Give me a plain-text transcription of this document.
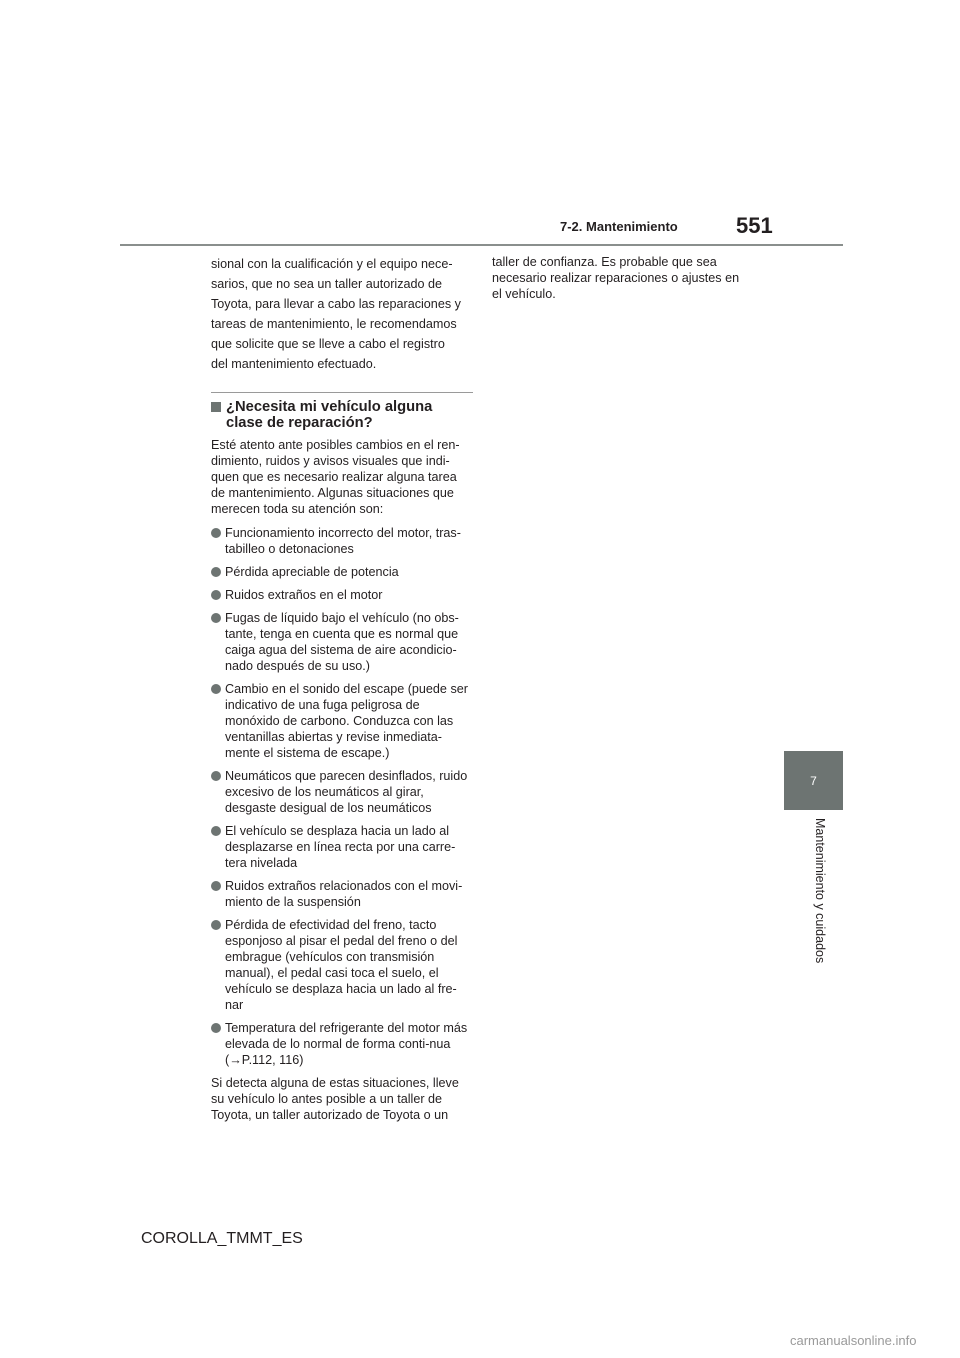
7-2. Mantenimiento	551
7
Mantenimiento y cuidados

sional con la cualificación y el equipo nece-

sarios, que no sea un taller autorizado de

Toyota, para llevar a cabo las reparaciones y

tareas de mantenimiento, le recomendamos

que solicite que se lleve a cabo el registro

del mantenimiento efectuado.

¿Necesita mi vehículo alguna clase de reparación?

Esté atento ante posibles cambios en el ren-dimiento, ruidos y avisos visuales que indi-quen que es necesario realizar alguna tarea de mantenimiento. Algunas situaciones que merecen toda su atención son:

Funcionamiento incorrecto del motor, tras-tabilleo o detonaciones
Pérdida apreciable de potencia
Ruidos extraños en el motor
Fugas de líquido bajo el vehículo (no obs-tante, tenga en cuenta que es normal que caiga agua del sistema de aire acondicio-nado después de su uso.)
Cambio en el sonido del escape (puede ser indicativo de una fuga peligrosa de monóxido de carbono. Conduzca con las ventanillas abiertas y revise inmediata-mente el sistema de escape.)
Neumáticos que parecen desinflados, ruido excesivo de los neumáticos al girar, desgaste desigual de los neumáticos
El vehículo se desplaza hacia un lado al desplazarse en línea recta por una carre-tera nivelada
Ruidos extraños relacionados con el movi-miento de la suspensión
Pérdida de efectividad del freno, tacto esponjoso al pisar el pedal del freno o del embrague (vehículos con transmisión manual), el pedal casi toca el suelo, el vehículo se desplaza hacia un lado al fre-nar
Temperatura del refrigerante del motor más elevada de lo normal de forma conti-nua (→P.112, 116)

Si detecta alguna de estas situaciones, lleve su vehículo lo antes posible a un taller de Toyota, un taller autorizado de Toyota o un

taller de confianza. Es probable que sea necesario realizar reparaciones o ajustes en el vehículo.

COROLLA_TMMT_ES
carmanualsonline.info
